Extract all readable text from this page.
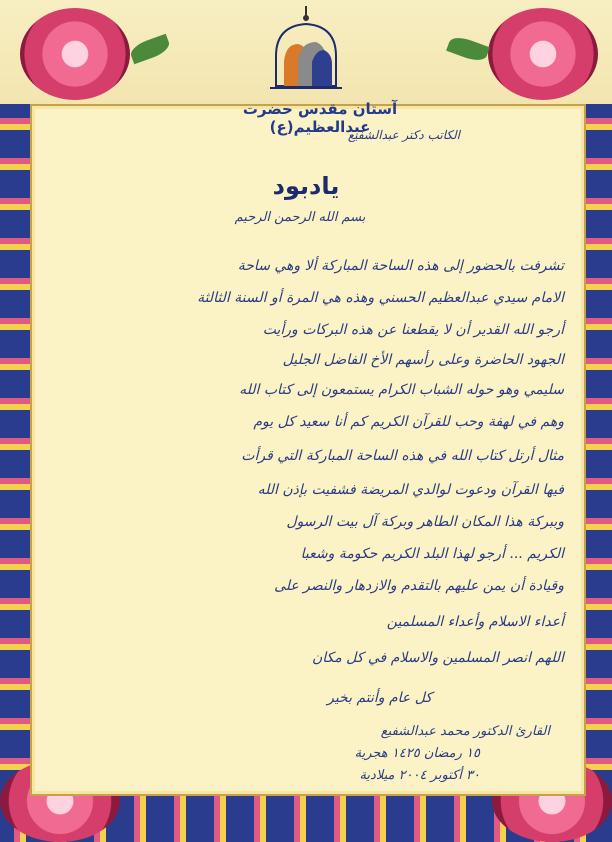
آستان مقدس حضرت عبدالعظيم(ع)
الكاتب دكتر عبدالشفيع
يادبود
بسم الله الرحمن الرحيم
تشرفت بالحضور إلى هذه الساحة المباركة ألا وهي ساحة
الامام سيدي عبدالعظيم الحسني وهذه هي المرة أو السنة الثالثة
أرجو الله القدير أن لا يقطعنا عن هذه البركات ورأيت
الجهود الحاضرة وعلى رأسهم الأخ الفاضل الجليل
سليمي وهو حوله الشباب الكرام يستمعون إلى كتاب الله
وهم في لهفة وحب للقرآن الكريم كم أنا سعيد كل يوم
مثال أرتل كتاب الله في هذه الساحة المباركة التي قرأت
فيها القرآن ودعوت لوالدي المريضة فشفيت بإذن الله
وببركة هذا المكان الطاهر وبركة آل بيت الرسول
الكريم ... أرجو لهذا البلد الكريم حكومة وشعبا
وقيادة أن يمن عليهم بالتقدم والازدهار والنصر على
أعداء الاسلام وأعداء المسلمين
اللهم انصر المسلمين والاسلام في كل مكان
كل عام وأنتم بخير
القارئ الدكتور محمد عبدالشفيع
١٥ رمضان ١٤٢٥ هجرية
٣٠ أكتوبر ٢٠٠٤ ميلادية
